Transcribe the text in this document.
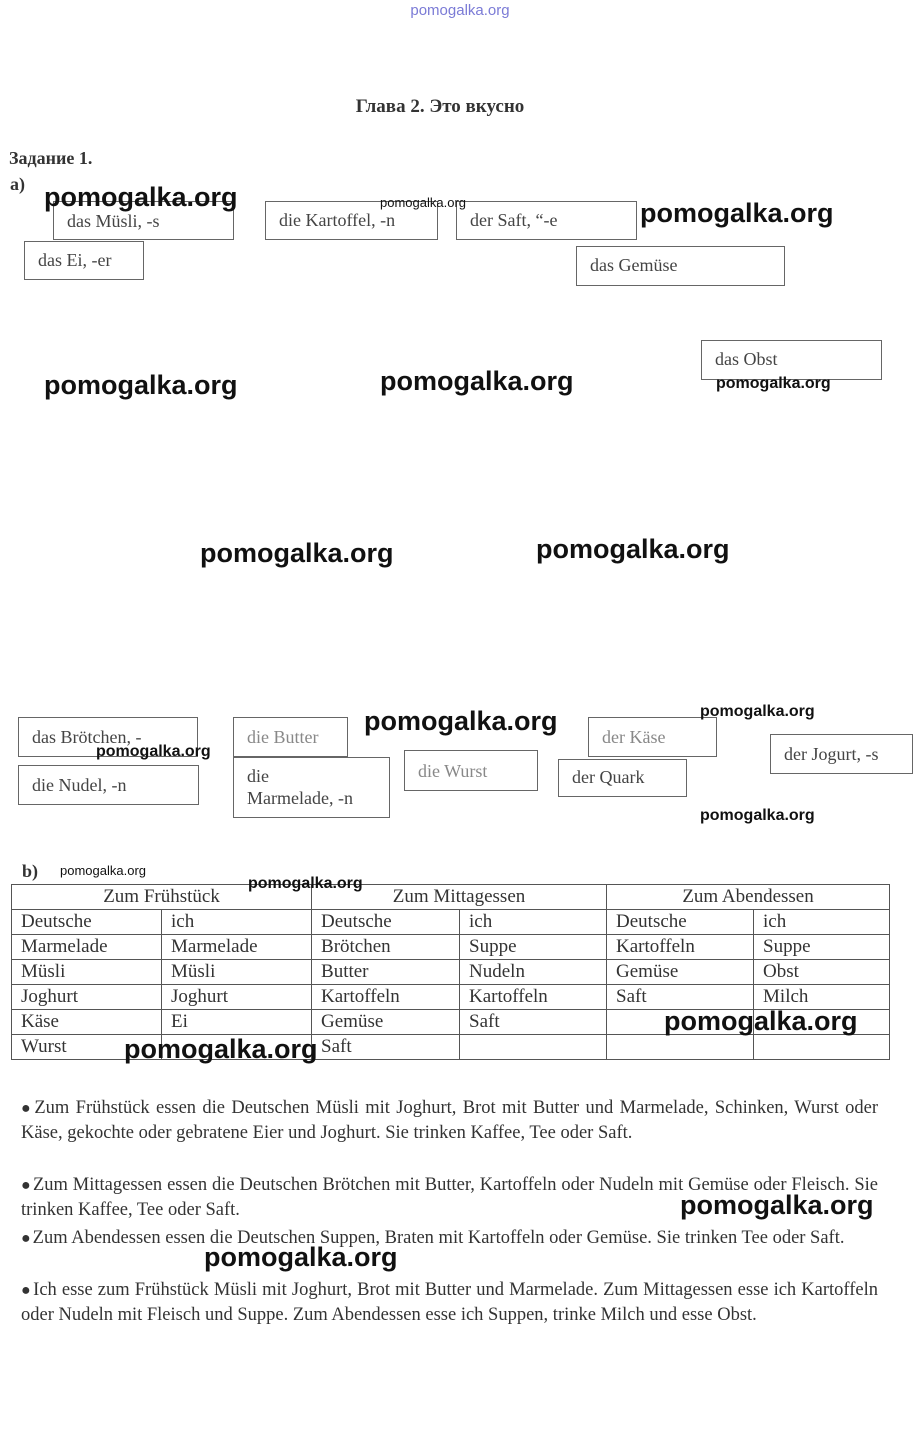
pomogalka.org
Глава 2. Это вкусно
Задание 1.
а)
das Müsli, -s
das Ei, -er
die Kartoffel, -n	der Saft, “-e
das Gemüse
das Obst
das Brötchen, -
die Nudel, -n
die Butter
die
Marmelade, -n
die Wurst
der Käse
der Quark
der Jogurt, -s
b)
Zum Frühstück		Zum Mittagessen		Zum Abendessen	
Deutsche	ich	Deutsche	ich	Deutsche	ich
Marmelade	Marmelade	Brötchen	Suppe	Kartoffeln	Suppe
Müsli	Müsli	Butter	Nudeln	Gemüse	Obst
Joghurt	Joghurt	Kartoffeln	Kartoffeln	Saft	Milch
Käse	Ei	Gemüse	Saft		
Wurst		Saft			

● Zum Frühstück essen die Deutschen Müsli mit Joghurt, Brot mit Butter und Marmelade, Schinken, Wurst oder Käse, gekochte oder gebratene Eier und Joghurt. Sie trinken Kaffee, Tee oder Saft.

● Zum Mittagessen essen die Deutschen Brötchen mit Butter, Kartoffeln oder Nudeln mit Gemüse oder Fleisch. Sie trinken Kaffee, Tee oder Saft.

● Zum Abendessen essen die Deutschen Suppen, Braten mit Kartoffeln oder Gemüse. Sie trinken Tee oder Saft.

● Ich esse zum Frühstück Müsli mit Joghurt, Brot mit Butter und Marmelade. Zum Mittagessen esse ich Kartoffeln oder Nudeln mit Fleisch und Suppe. Zum Abendessen esse ich Suppen, trinke Milch und esse Obst.

pomogalka.org	pomogalka.org	pomogalka.org
pomogalka.org	pomogalka.org	pomogalka.org
pomogalka.org	pomogalka.org
pomogalka.org	pomogalka.org
pomogalka.org
pomogalka.org
pomogalka.org
pomogalka.org
pomogalka.org
pomogalka.org
pomogalka.org
pomogalka.org
